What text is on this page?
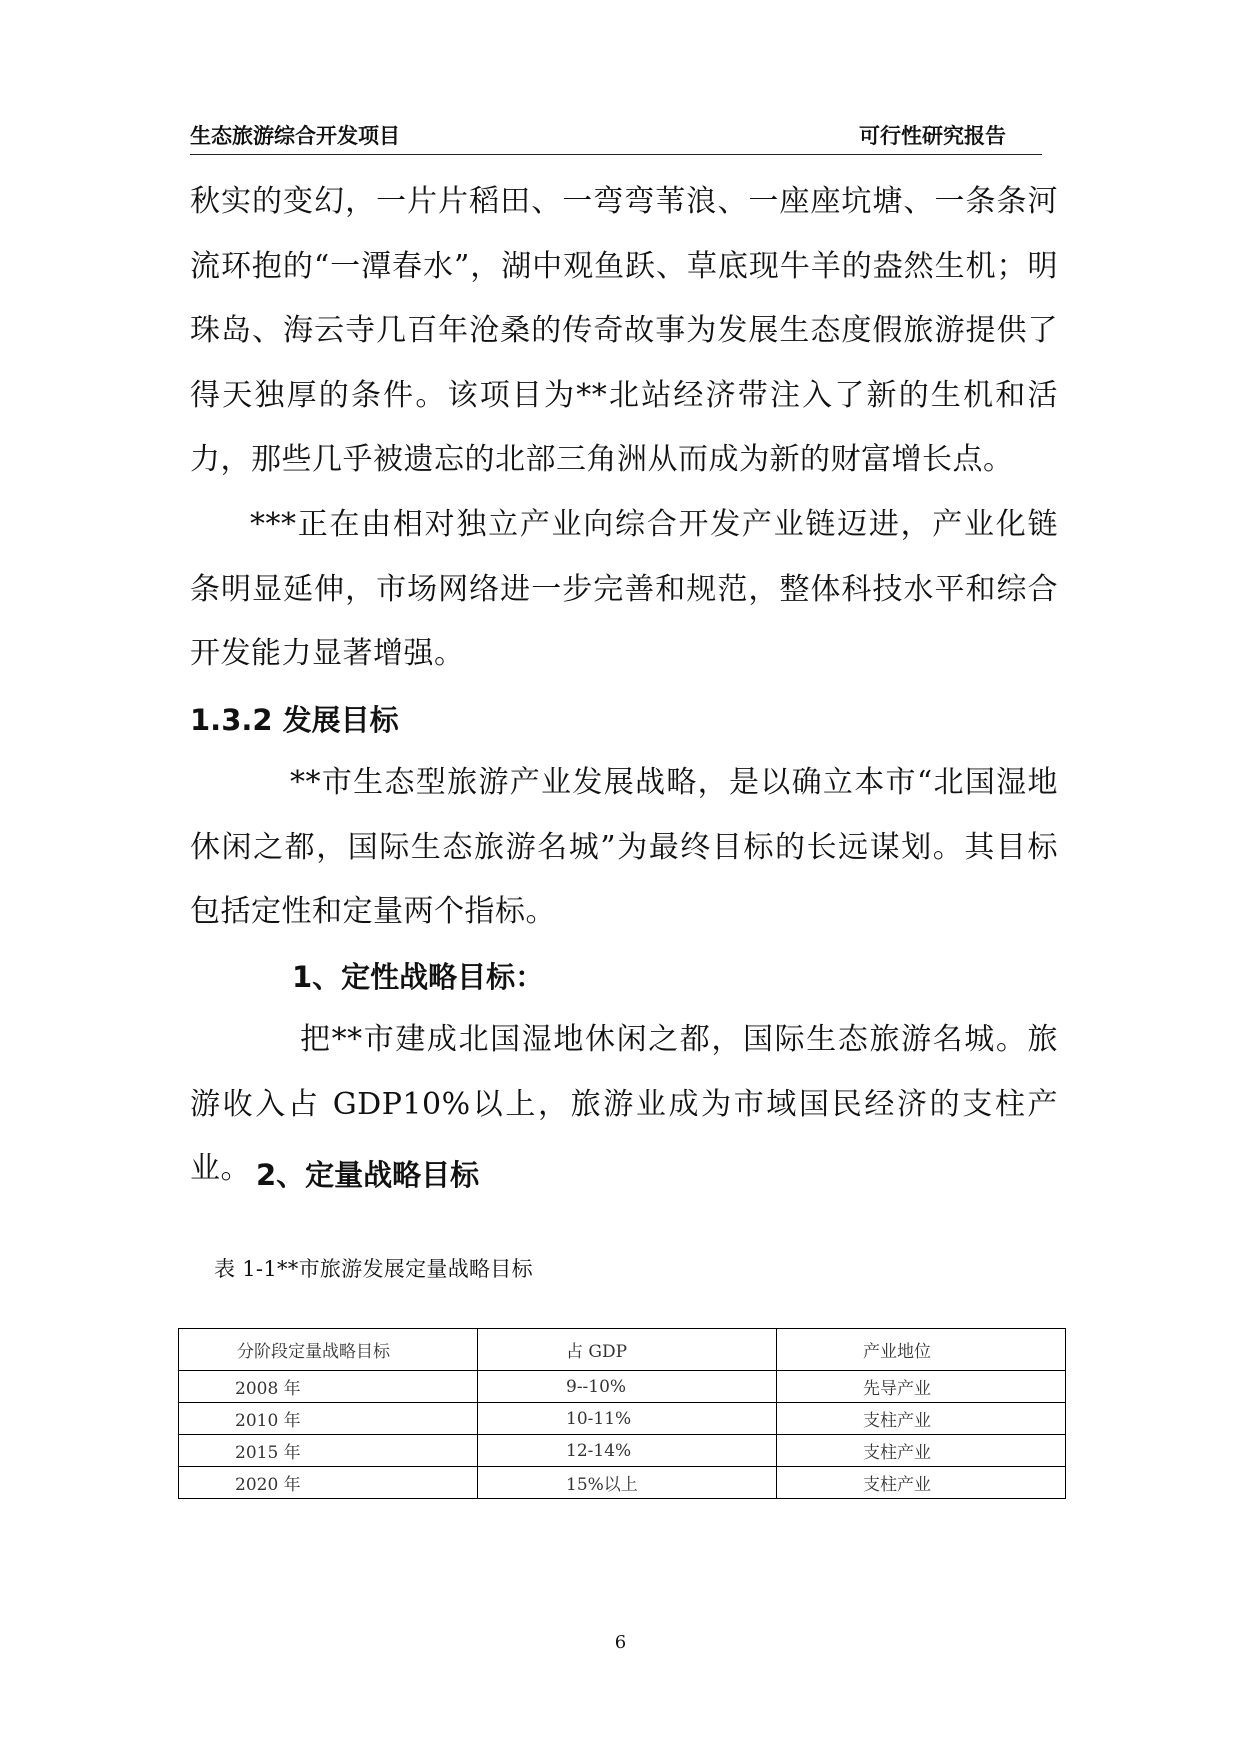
生态旅游综合开发项目	可行性研究报告
秋实的变幻，一片片稻田、一弯弯苇浪、一座座坑塘、一条条河流环抱的“一潭春水”，湖中观鱼跃、草底现牛羊的盎然生机；明珠岛、海云寺几百年沧桑的传奇故事为发展生态度假旅游提供了得天独厚的条件。该项目为**北站经济带注入了新的生机和活力，那些几乎被遗忘的北部三角洲从而成为新的财富增长点。
***正在由相对独立产业向综合开发产业链迈进，产业化链条明显延伸，市场网络进一步完善和规范，整体科技水平和综合开发能力显著增强。
1.3.2 发展目标
**市生态型旅游产业发展战略，是以确立本市“北国湿地休闲之都，国际生态旅游名城”为最终目标的长远谋划。其目标包括定性和定量两个指标。
1、定性战略目标：
把**市建成北国湿地休闲之都，国际生态旅游名城。旅游收入占 GDP10%以上，旅游业成为市域国民经济的支柱产业。 2、定量战略目标
表 1-1**市旅游发展定量战略目标
分阶段定量战略目标	占 GDP	产业地位
2008 年	9--10%	先导产业
2010 年	10-11%	支柱产业
2015 年	12-14%	支柱产业
2020 年	15%以上	支柱产业
6
